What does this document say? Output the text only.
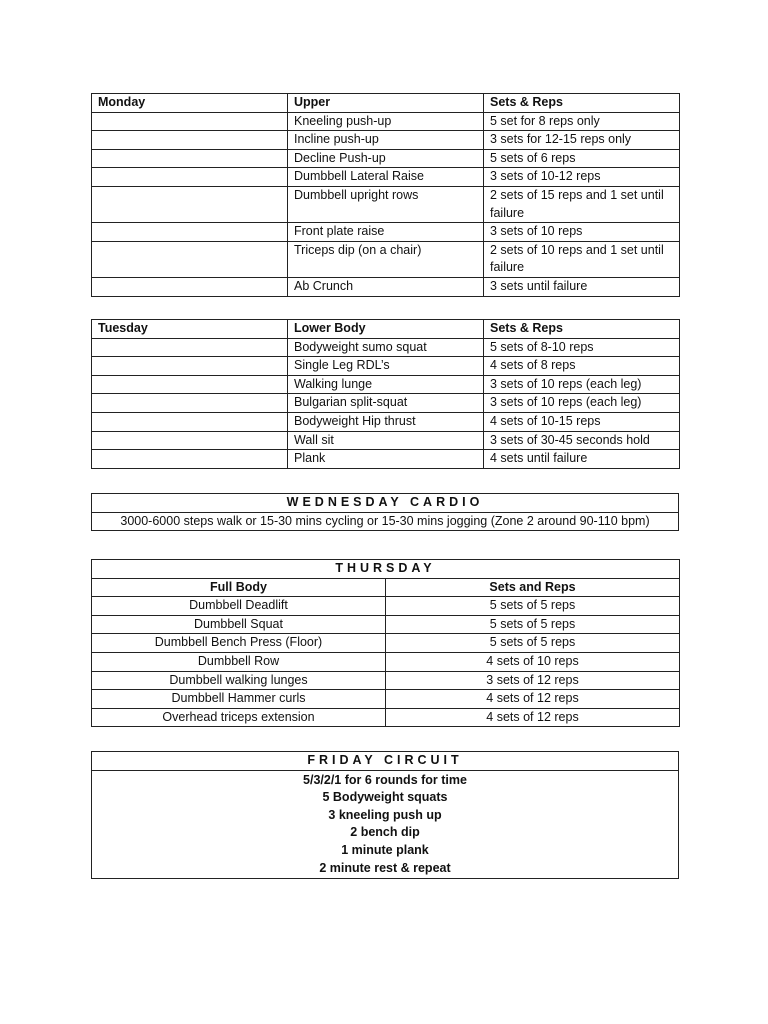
Monday	Upper	Sets & Reps
	Kneeling push-up	5 set for 8 reps only
	Incline push-up	3 sets for 12-15 reps only
	Decline Push-up	5 sets of 6 reps
	Dumbbell Lateral Raise	3 sets of 10-12 reps
	Dumbbell upright rows	2 sets of 15 reps and 1 set until failure
	Front plate raise	3 sets of 10 reps
	Triceps dip (on a chair)	2 sets of 10 reps and 1 set until failure
	Ab Crunch	3 sets until failure
Tuesday	Lower Body	Sets & Reps
	Bodyweight sumo squat	5 sets of 8-10 reps
	Single Leg RDL’s	4 sets of 8 reps
	Walking lunge	3 sets of 10 reps (each leg)
	Bulgarian split-squat	3 sets of 10 reps (each leg)
	Bodyweight Hip thrust	4 sets of 10-15 reps
	Wall sit	3 sets of 30-45 seconds hold
	Plank	4 sets until failure
WEDNESDAY CARDIO
3000-6000 steps walk or 15-30 mins cycling or 15-30 mins jogging (Zone 2 around 90-110 bpm)
THURSDAY	
Full Body	Sets and Reps
Dumbbell Deadlift	5 sets of 5 reps
Dumbbell Squat	5 sets of 5 reps
Dumbbell Bench Press (Floor)	5 sets of 5 reps
Dumbbell Row	4 sets of 10 reps
Dumbbell walking lunges	3 sets of 12 reps
Dumbbell Hammer curls	4 sets of 12 reps
Overhead triceps extension	4 sets of 12 reps
FRIDAY CIRCUIT

5/3/2/1 for 6 rounds for time
5 Bodyweight squats
3 kneeling push up
2 bench dip
1 minute plank
2 minute rest & repeat
